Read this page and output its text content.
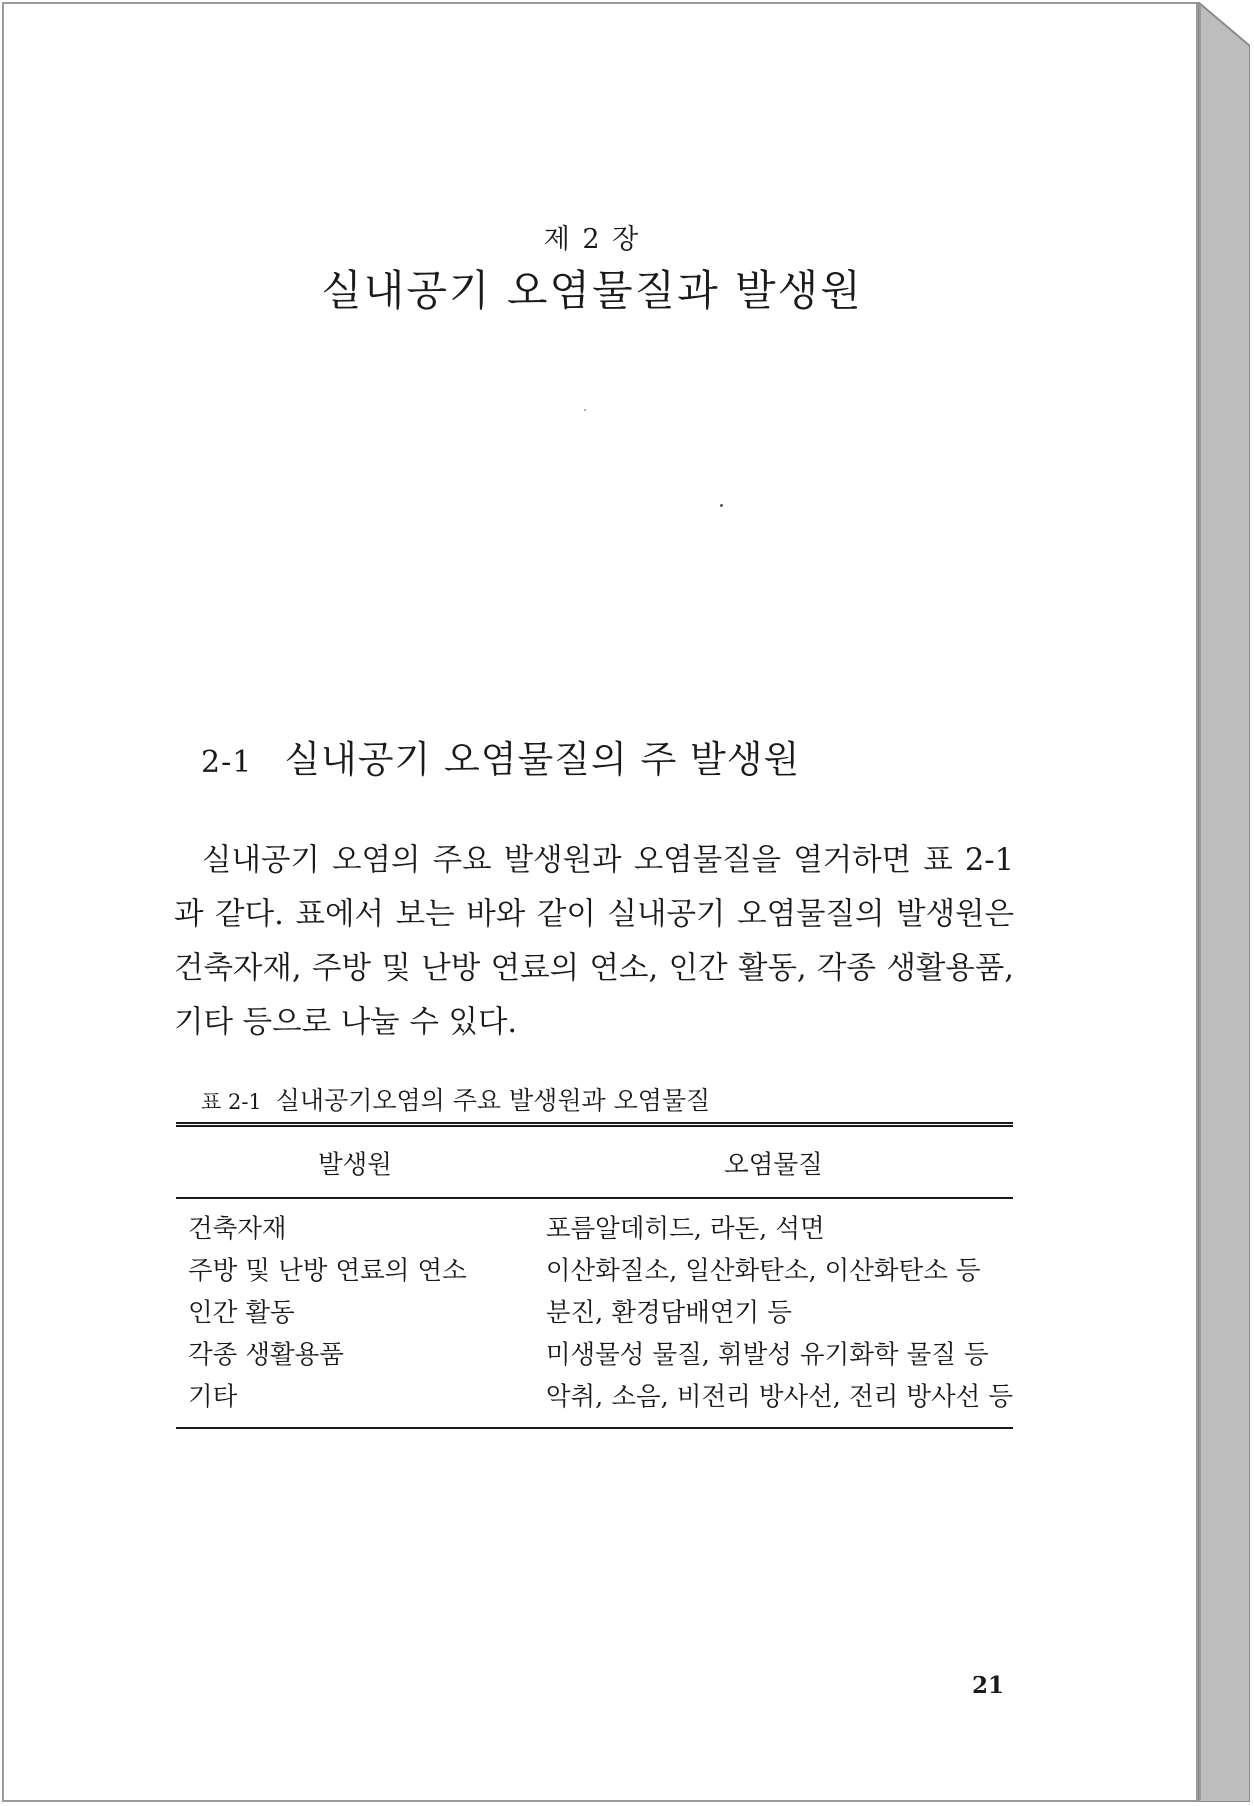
제 2 장
실내공기 오염물질과 발생원
2-1 실내공기 오염물질의 주 발생원

실내공기 오염의 주요 발생원과 오염물질을 열거하면 표 2-1과 같다. 표에서 보는 바와 같이 실내공기 오염물질의 발생원은 건축자재, 주방 및 난방 연료의 연소, 인간 활동, 각종 생활용품, 기타 등으로 나눌 수 있다.

표 2-1 실내공기오염의 주요 발생원과 오염물질
발생원	오염물질
건축자재	포름알데히드, 라돈, 석면
주방 및 난방 연료의 연소	이산화질소, 일산화탄소, 이산화탄소 등
인간 활동	분진, 환경담배연기 등
각종 생활용품	미생물성 물질, 휘발성 유기화학 물질 등
기타	악취, 소음, 비전리 방사선, 전리 방사선 등
21
